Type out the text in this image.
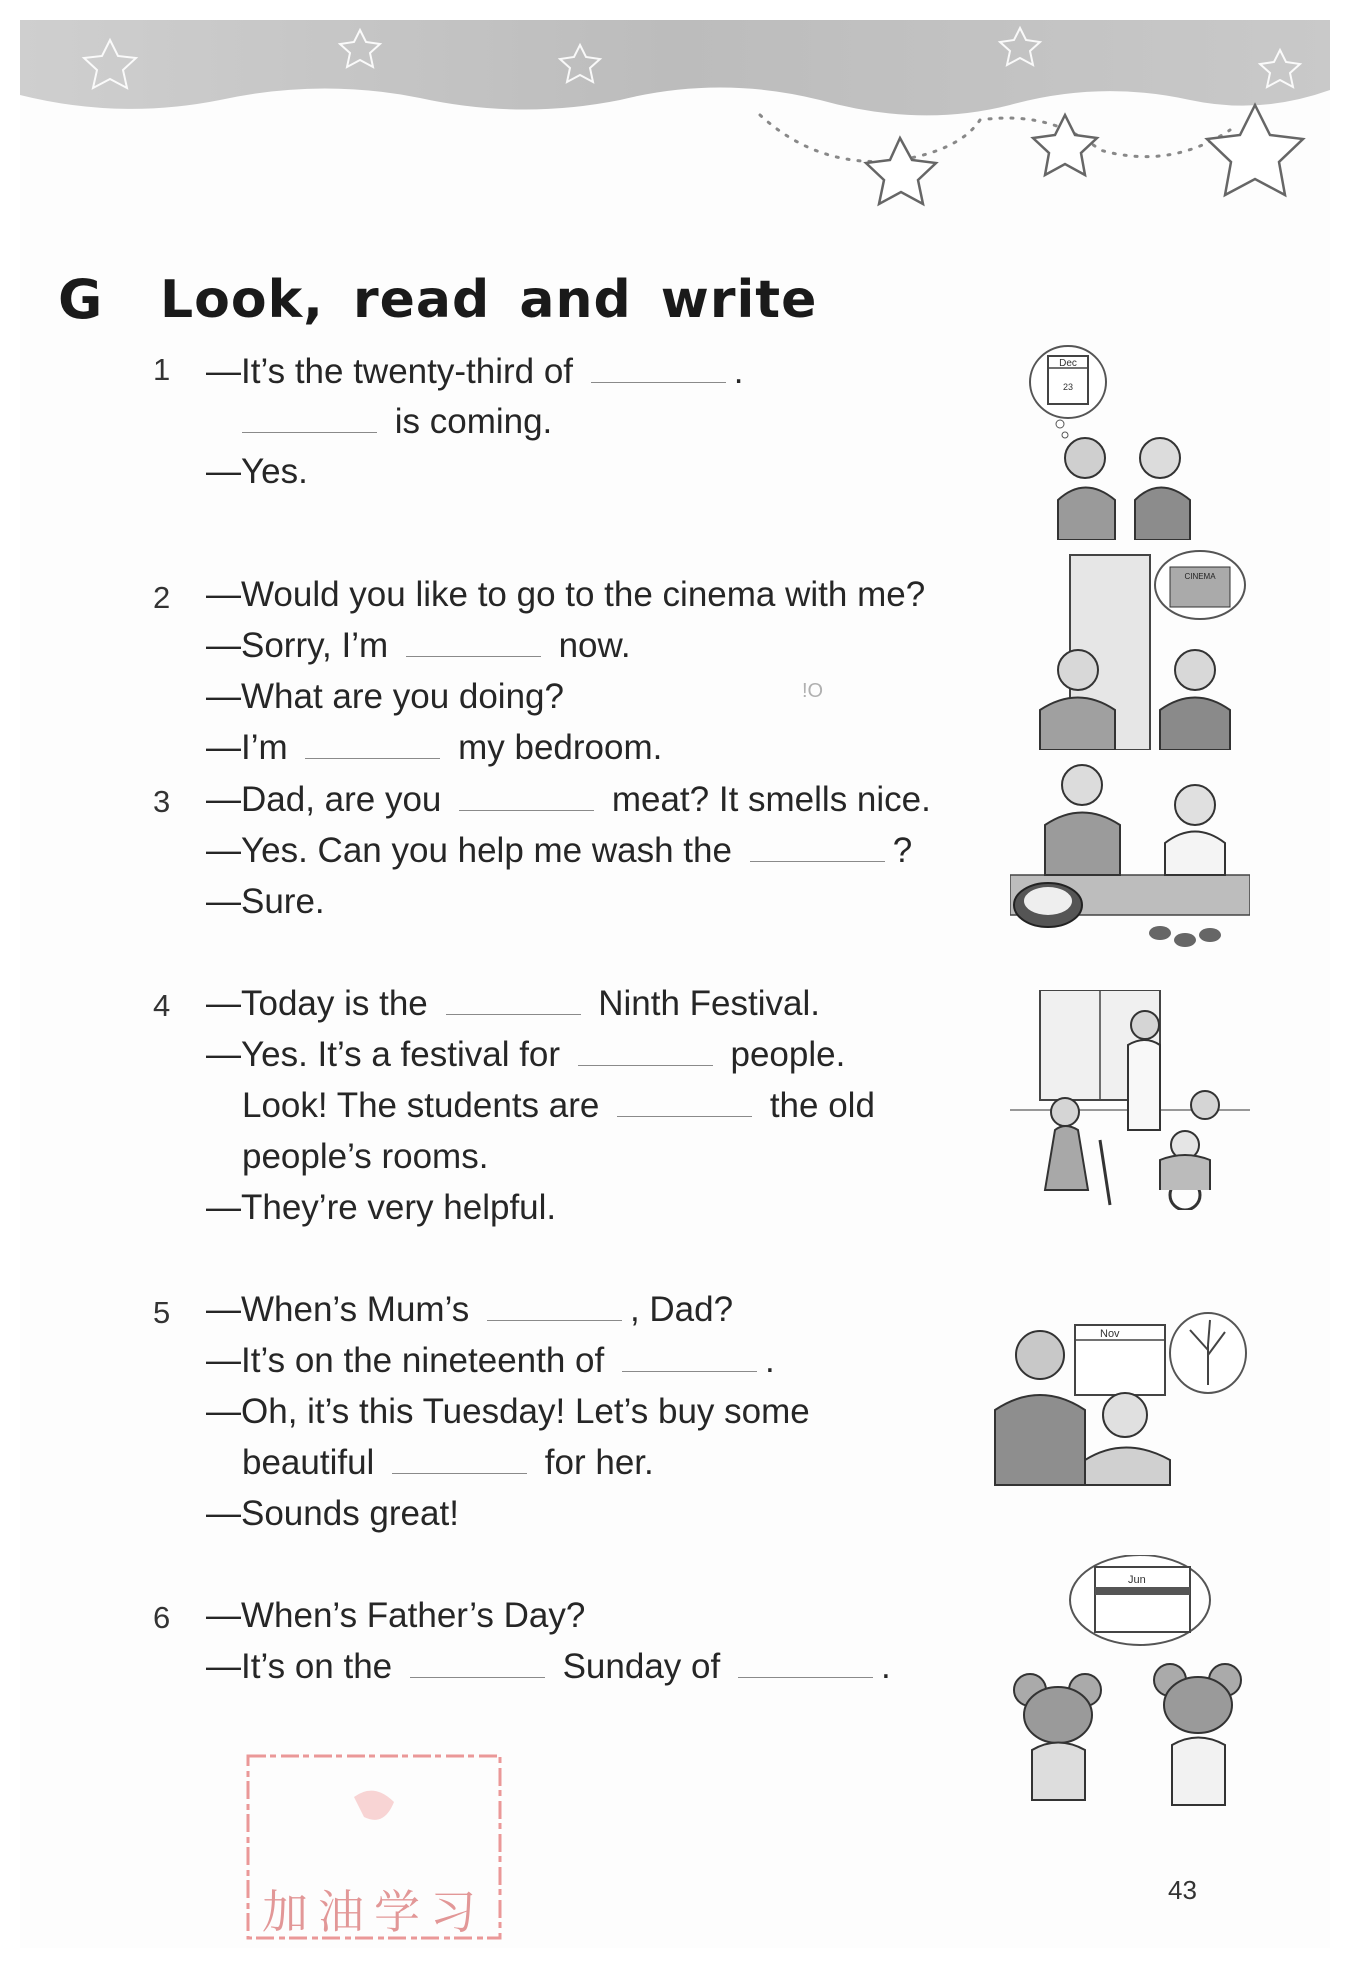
G Look, read and write
1 —It’s the twenty-third of	.
is coming.
—Yes.
Dec
23
2 —Would you like to go to the cinema with me?
—Sorry, I’m	now.
—What are you doing?
—I’m	my bedroom.
!O
CINEMA
3 —Dad, are you	meat? It smells nice.
—Yes. Can you help me wash the	?
—Sure.
4 —Today is the	Ninth Festival.
—Yes. It’s a festival for	people.
Look! The students are	the old
people’s rooms.
—They’re very helpful.
5 —When’s Mum’s	, Dad?
—It’s on the nineteenth of	.
—Oh, it’s this Tuesday! Let’s buy some
beautiful	for her.
—Sounds great!
Nov
6 —When’s Father’s Day?
—It’s on the	Sunday of	.
Jun
加油学习	43
